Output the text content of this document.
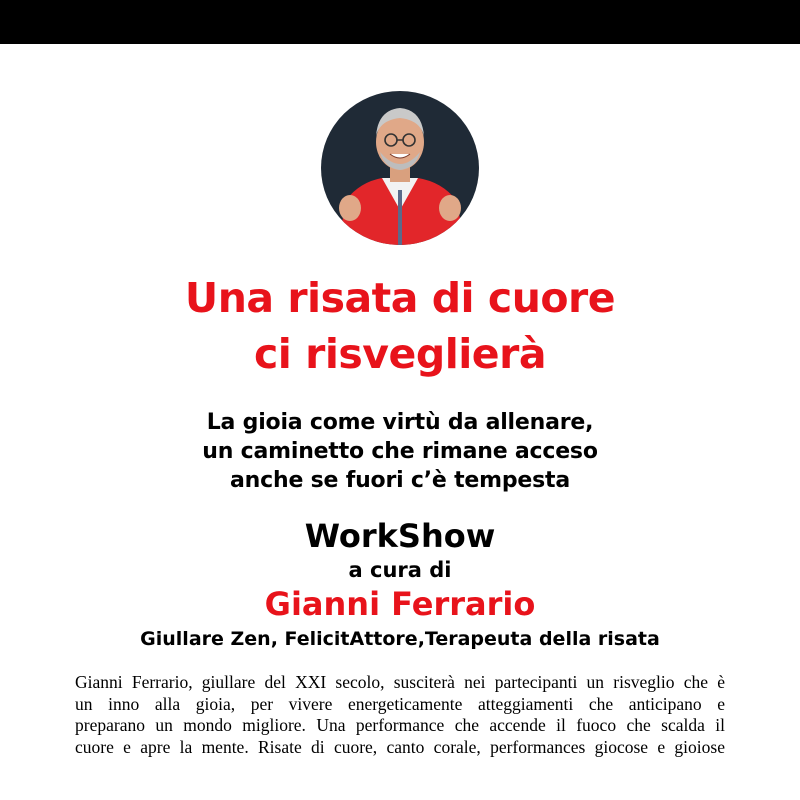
Una risata di cuore
ci risveglierà
La gioia come virtù da allenare,
un caminetto che rimane acceso
anche se fuori c’è tempesta
WorkShow
a cura di
Gianni Ferrario
Giullare Zen, FelicitAttore,Terapeuta della risata
Gianni Ferrario, giullare del XXI secolo, susciterà nei partecipanti un risveglio che è
un inno alla gioia, per vivere energeticamente atteggiamenti che anticipano e
preparano un mondo migliore. Una performance che accende il fuoco che scalda il
cuore e apre la mente. Risate di cuore, canto corale, performances giocose e gioiose
